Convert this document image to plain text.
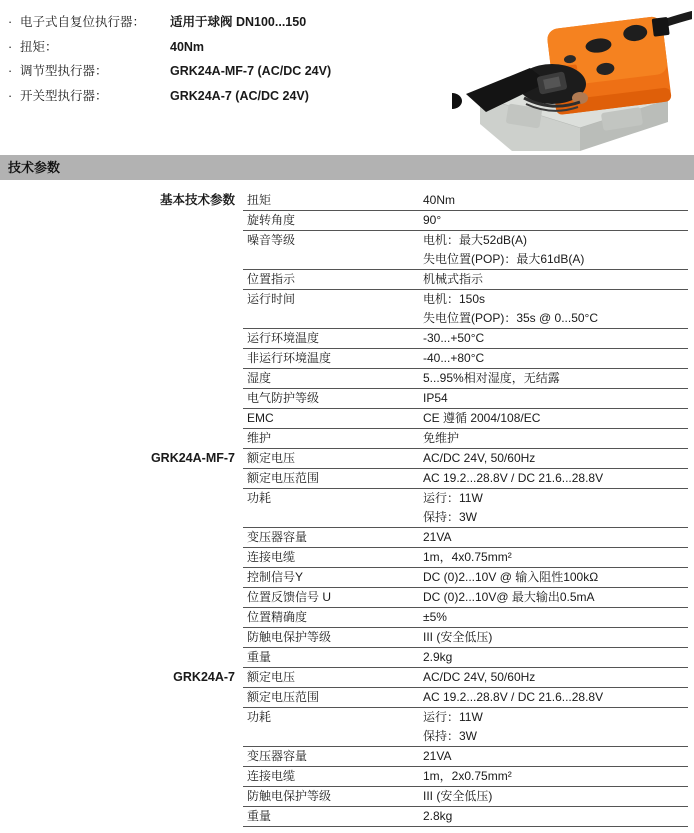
· 电子式自复位执行器：	适用于球阀 DN100...150
· 扭矩：	40Nm
· 调节型执行器：	GRK24A-MF-7 (AC/DC 24V)
· 开关型执行器：	GRK24A-7 (AC/DC 24V)
技术参数
基本技术参数	扭矩	40Nm
旋转角度	90°
噪音等级	电机：最大52dB(A)
失电位置(POP)：最大61dB(A)
位置指示	机械式指示
运行时间	电机：150s
失电位置(POP)：35s @ 0...50°C
运行环境温度	-30...+50°C
非运行环境温度	-40...+80°C
湿度	5...95%相对湿度，无结露
电气防护等级	IP54
EMC	CE 遵循 2004/108/EC
维护	免维护
GRK24A-MF-7	额定电压	AC/DC 24V, 50/60Hz
额定电压范围	AC 19.2...28.8V / DC 21.6...28.8V
功耗	运行：11W
保持：3W
变压器容量	21VA
连接电缆	1m，4x0.75mm²
控制信号Y	DC (0)2...10V @ 输入阻性100kΩ
位置反馈信号 U	DC (0)2...10V@ 最大输出0.5mA
位置精确度	±5%
防触电保护等级	III (安全低压)
重量	2.9kg
GRK24A-7	额定电压	AC/DC 24V, 50/60Hz
额定电压范围	AC 19.2...28.8V / DC 21.6...28.8V
功耗	运行：11W
保持：3W
变压器容量	21VA
连接电缆	1m，2x0.75mm²
防触电保护等级	III (安全低压)
重量	2.8kg
